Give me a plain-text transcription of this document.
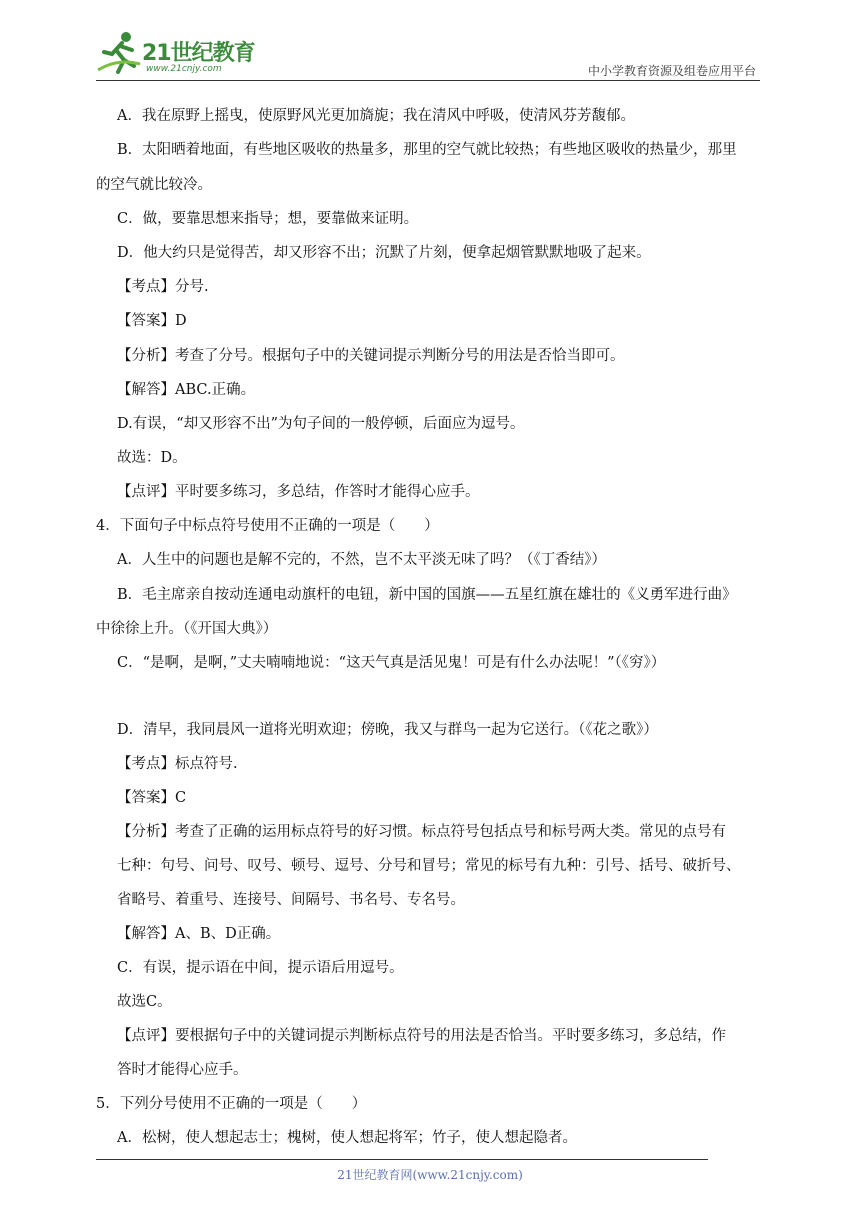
21世纪教育
www.21cnjy.com	中小学教育资源及组卷应用平台
A．我在原野上摇曳，使原野风光更加旖旎；我在清风中呼吸，使清风芬芳馥郁。
B．太阳晒着地面，有些地区吸收的热量多，那里的空气就比较热；有些地区吸收的热量少，那里
的空气就比较冷。
C．做，要靠思想来指导；想，要靠做来证明。
D．他大约只是觉得苦，却又形容不出；沉默了片刻，便拿起烟管默默地吸了起来。
【考点】分号.
【答案】D
【分析】考查了分号。根据句子中的关键词提示判断分号的用法是否恰当即可。
【解答】ABC.正确。
D.有误，“却又形容不出”为句子间的一般停顿，后面应为逗号。
故选：D。
【点评】平时要多练习，多总结，作答时才能得心应手。
4．下面句子中标点符号使用不正确的一项是（　　）
A．人生中的问题也是解不完的，不然，岂不太平淡无味了吗？（《丁香结》）
B．毛主席亲自按动连通电动旗杆的电钮，新中国的国旗——五星红旗在雄壮的《义勇军进行曲》
中徐徐上升。（《开国大典》）
C．“是啊，是啊，”丈夫喃喃地说：“这天气真是活见鬼！可是有什么办法呢！”（《穷》）
D．清早，我同晨风一道将光明欢迎；傍晚，我又与群鸟一起为它送行。（《花之歌》）
【考点】标点符号.
【答案】C
【分析】考查了正确的运用标点符号的好习惯。标点符号包括点号和标号两大类。常见的点号有
七种：句号、问号、叹号、顿号、逗号、分号和冒号；常见的标号有九种：引号、括号、破折号、
省略号、着重号、连接号、间隔号、书名号、专名号。
【解答】A、B、D正确。
C．有误，提示语在中间，提示语后用逗号。
故选C。
【点评】要根据句子中的关键词提示判断标点符号的用法是否恰当。平时要多练习，多总结，作
答时才能得心应手。
5．下列分号使用不正确的一项是（　　）
A．松树，使人想起志士；槐树，使人想起将军；竹子，使人想起隐者。
21世纪教育网(www.21cnjy.com)
